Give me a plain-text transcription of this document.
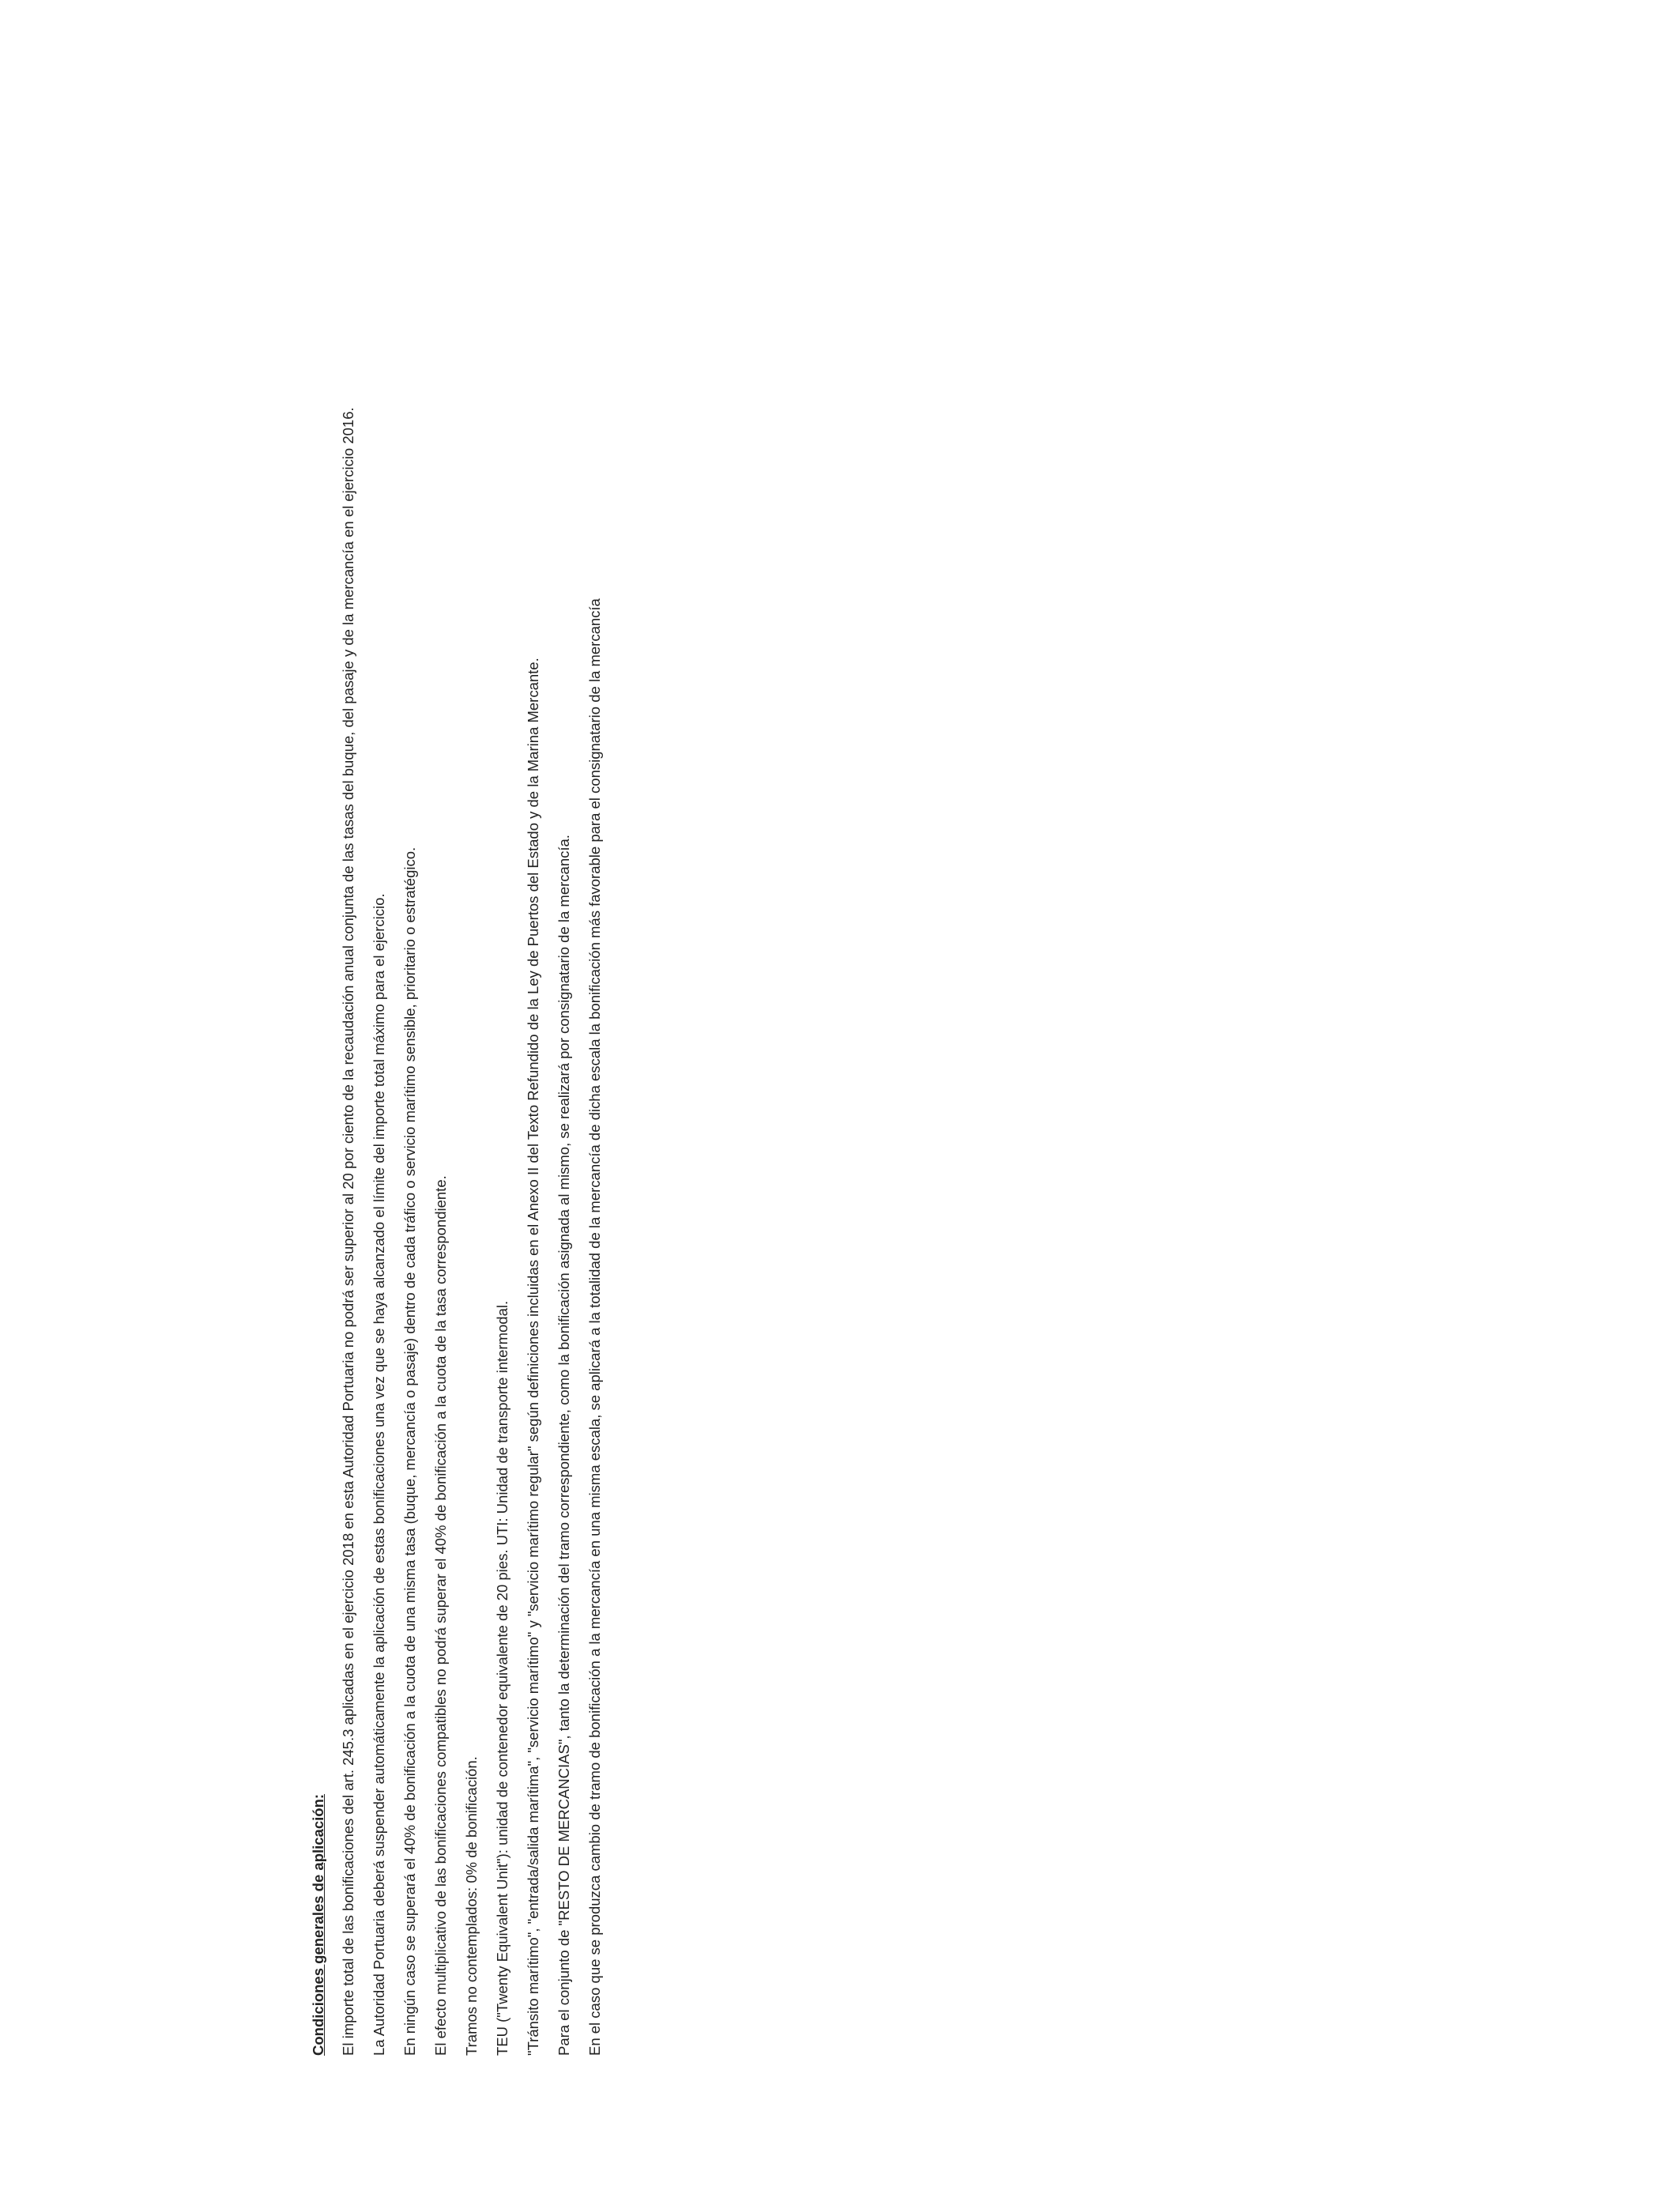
Condiciones generales de aplicación: El importe total de las bonificaciones del art. 245.3 aplicadas en el ejercicio 2018 en esta Autoridad Portuaria no podrá ser superior al 20 por ciento de la recaudación anual conjunta de las tasas del buque, del pasaje y de la mercancía en el ejercicio 2016. La Autoridad Portuaria deberá suspender automáticamente la aplicación de estas bonificaciones una vez que se haya alcanzado el límite del importe total máximo para el ejercicio. En ningún caso se superará el 40% de bonificación a la cuota de una misma tasa (buque, mercancía o pasaje) dentro de cada tráfico o servicio marítimo sensible, prioritario o estratégico. El efecto multiplicativo de las bonificaciones compatibles no podrá superar el 40% de bonificación a la cuota de la tasa correspondiente. Tramos no contemplados: 0% de bonificación. TEU ("Twenty Equivalent Unit"): unidad de contenedor equivalente de 20 pies. UTI: Unidad de transporte intermodal. "Tránsito marítimo", "entrada/salida marítima", "servicio marítimo" y "servicio marítimo regular" según definiciones incluidas en el Anexo II del Texto Refundido de la Ley de Puertos del Estado y de la Marina Mercante. Para el conjunto de "RESTO DE MERCANCIAS", tanto la determinación del tramo correspondiente, como la bonificación asignada al mismo, se realizará por consignatario de la mercancía. En el caso que se produzca cambio de tramo de bonificación a la mercancía en una misma escala, se aplicará a la totalidad de la mercancía de dicha escala la bonificación más favorable para el consignatario de la mercancía
